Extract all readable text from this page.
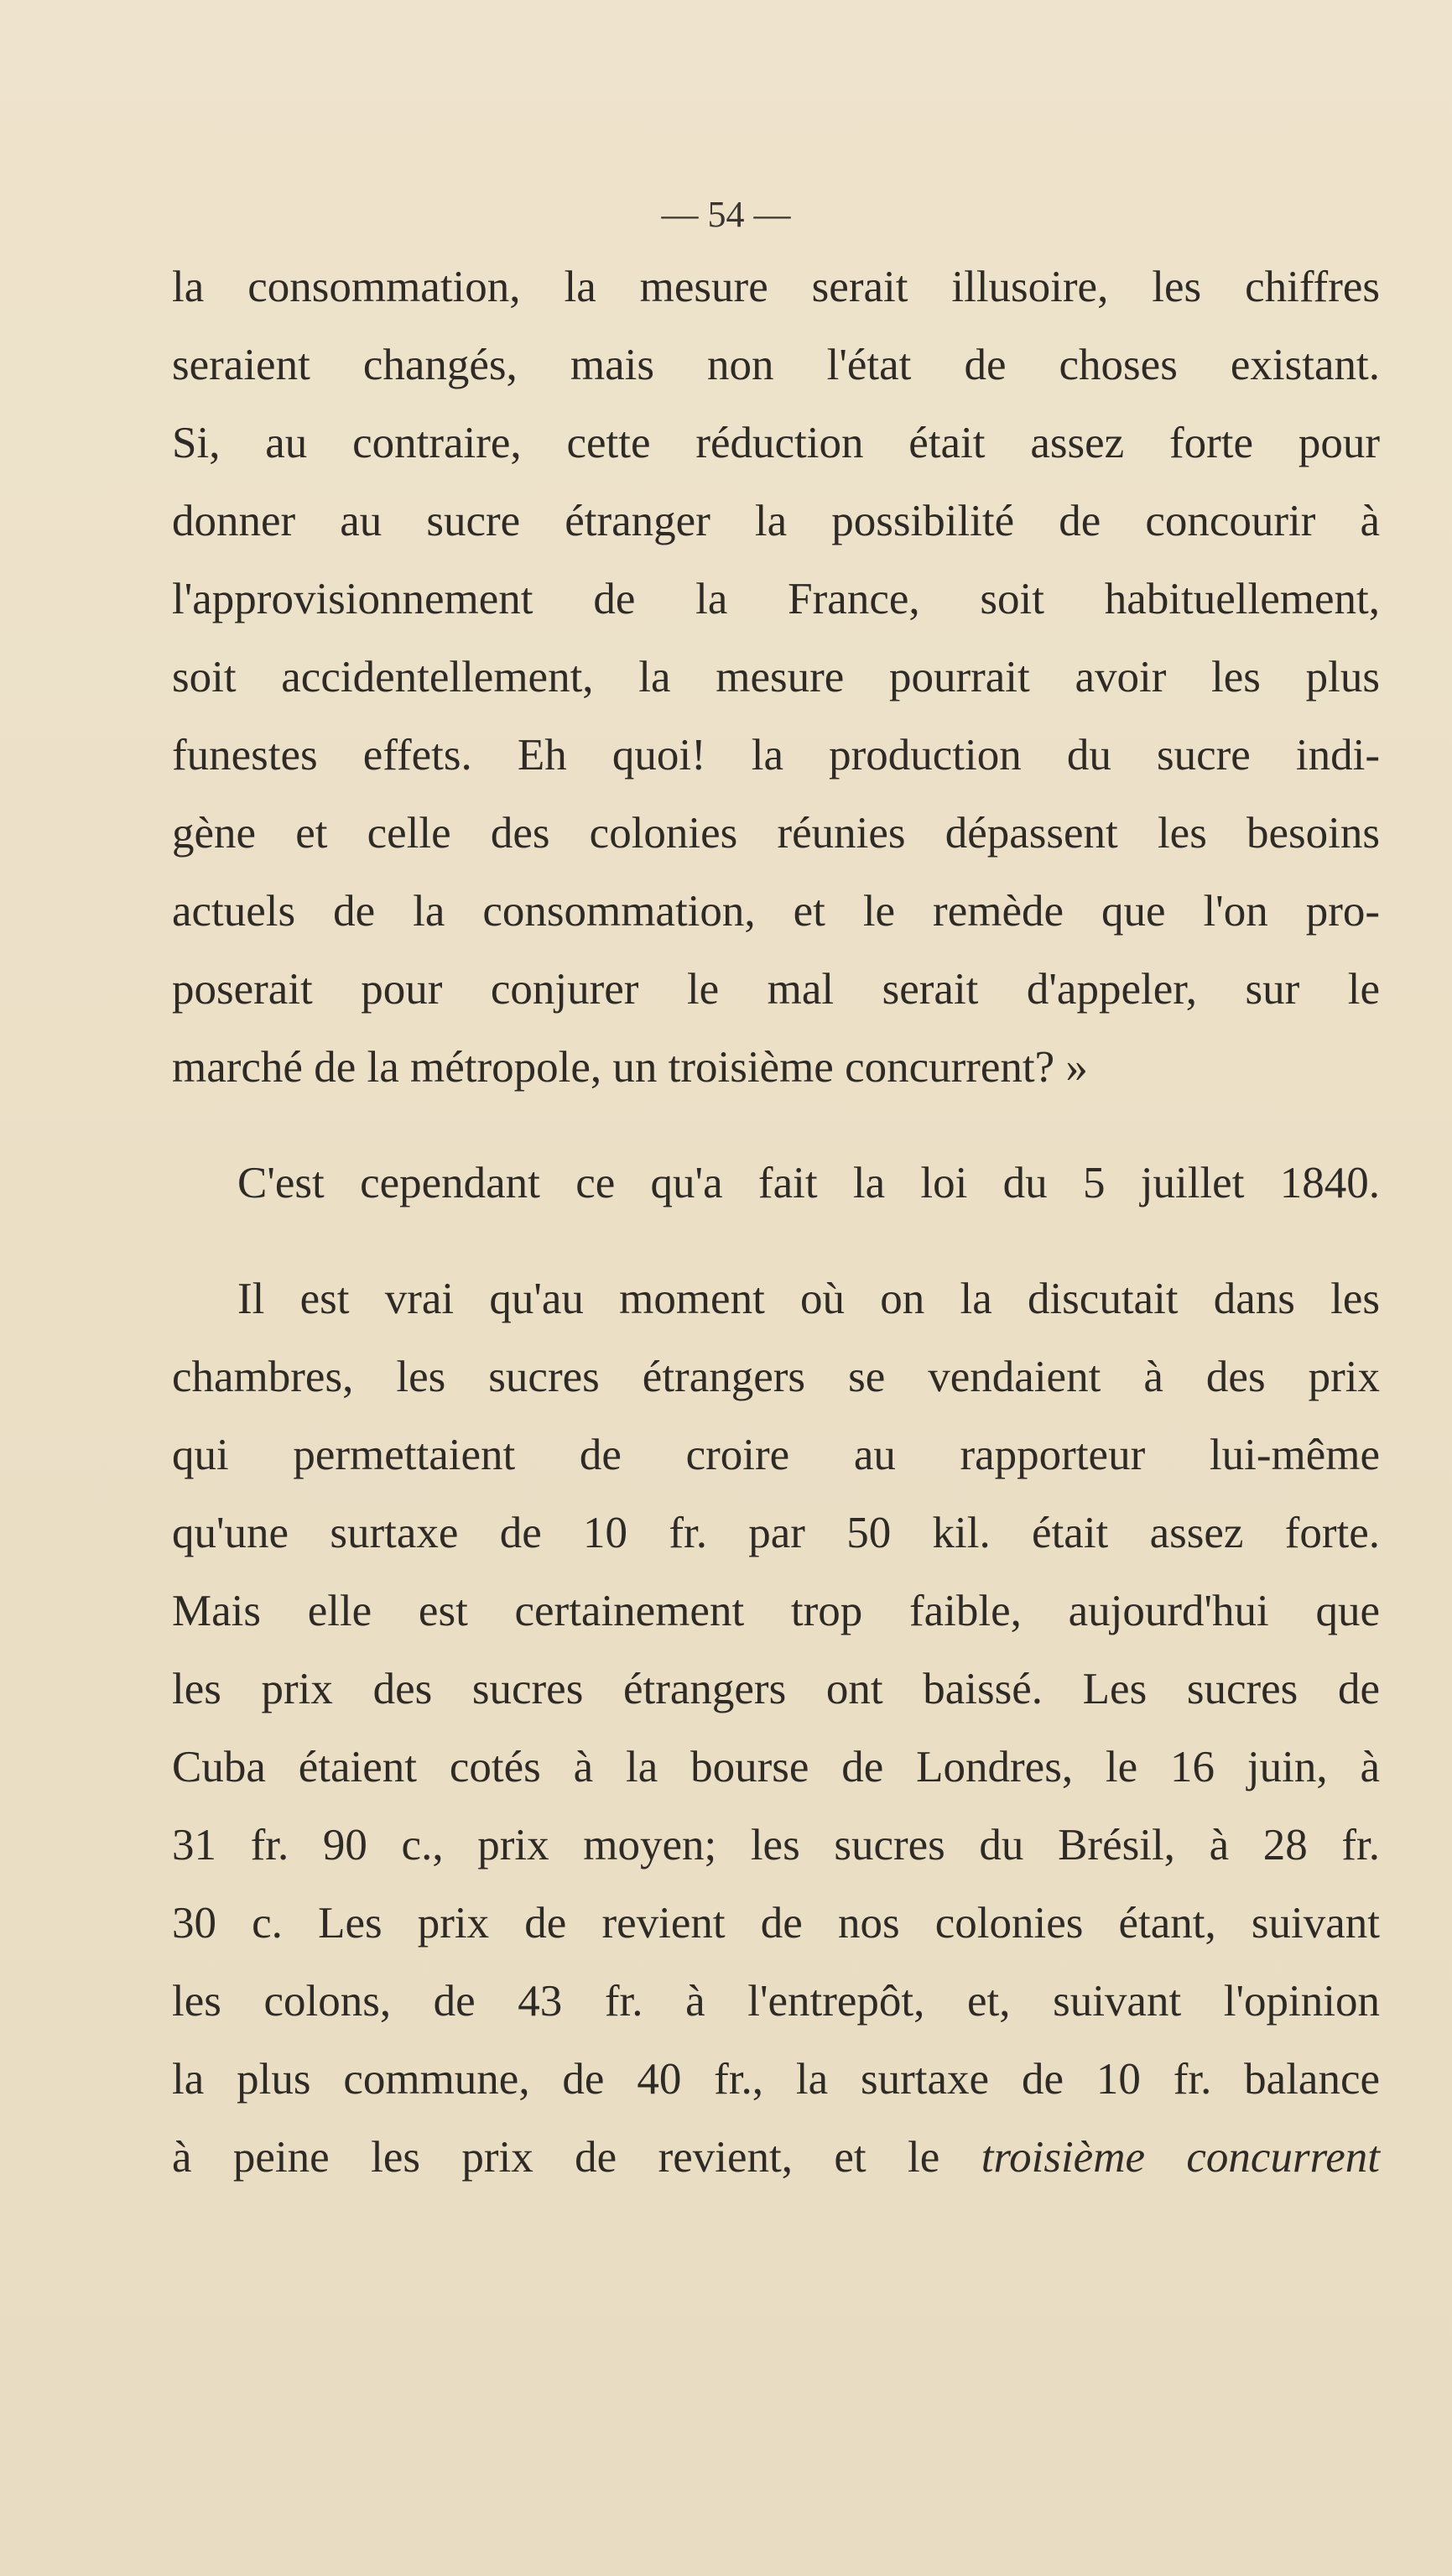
— 54 —
la consommation, la mesure serait illusoire, les chiffres
seraient changés, mais non l'état de choses existant.
Si, au contraire, cette réduction était assez forte pour
donner au sucre étranger la possibilité de concourir à
l'approvisionnement de la France, soit habituellement,
soit accidentellement, la mesure pourrait avoir les plus
funestes effets. Eh quoi! la production du sucre indi-
gène et celle des colonies réunies dépassent les besoins
actuels de la consommation, et le remède que l'on pro-
poserait pour conjurer le mal serait d'appeler, sur le
marché de la métropole, un troisième concurrent? »
C'est cependant ce qu'a fait la loi du 5 juillet 1840.
Il est vrai qu'au moment où on la discutait dans les
chambres, les sucres étrangers se vendaient à des prix
qui permettaient de croire au rapporteur lui-même
qu'une surtaxe de 10 fr. par 50 kil. était assez forte.
Mais elle est certainement trop faible, aujourd'hui que
les prix des sucres étrangers ont baissé. Les sucres de
Cuba étaient cotés à la bourse de Londres, le 16 juin, à
31 fr. 90 c., prix moyen; les sucres du Brésil, à 28 fr.
30 c. Les prix de revient de nos colonies étant, suivant
les colons, de 43 fr. à l'entrepôt, et, suivant l'opinion
la plus commune, de 40 fr., la surtaxe de 10 fr. balance
à peine les prix de revient, et le troisième concurrent
